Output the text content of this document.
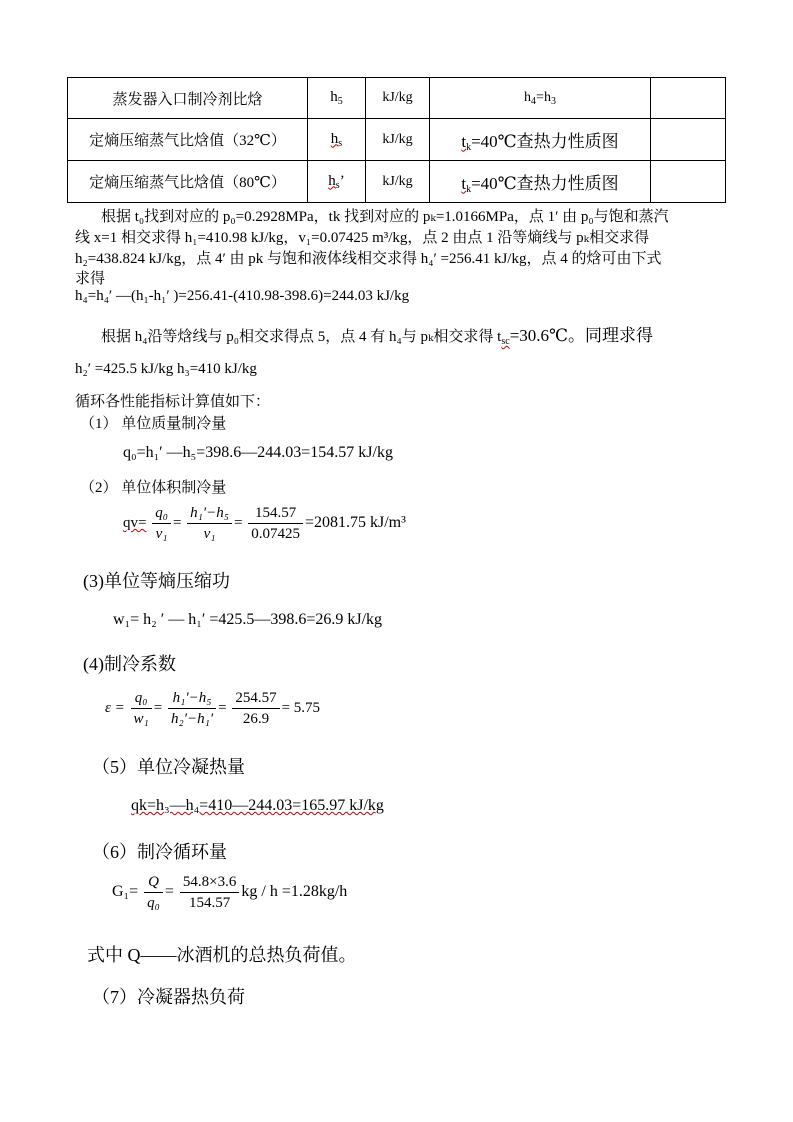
蒸发器入口制冷剂比焓	$h_5$	kJ/kg	$h_4=h_3$	
定熵压缩蒸气比焓值（32℃）	$h_s$	kJ/kg	$t_k=40℃$查热力性质图	
定熵压缩蒸气比焓值（80℃）	$h_s$’	kJ/kg	$t_k=40℃$查热力性质图	
根据 t₀找到对应的 p₀=0.2928MPa，tk 找到对应的 pₖ=1.0166MPa，点 1′ 由 p₀与饱和蒸汽
线 x=1 相交求得 h₁=410.98 kJ/kg，v₁=0.07425 m³/kg，点 2 由点 1 沿等熵线与 pₖ相交求得
h₂=438.824 kJ/kg，点 4′ 由 pk 与饱和液体线相交求得 h₄′ =256.41 kJ/kg，点 4 的焓可由下式
求得
h₄=h₄′ —(h₁-h₁′ )=256.41-(410.98-398.6)=244.03 kJ/kg
根据 h₄沿等焓线与 p₀相交求得点 5，点 4 有 h₄与 pₖ相交求得 $t_{sc}=30.6℃$。同理求得
h₂′ =425.5 kJ/kg h₃=410 kJ/kg
循环各性能指标计算值如下：
（1） 单位质量制冷量
q₀=h₁′ —h₅=398.6—244.03=154.57 kJ/kg
（2） 单位体积制冷量
$qv= \frac{\text{q₀}}{\text{v₁}} = \frac{\text{h₁′−h₅}}{\text{v₁}} = \frac{154.57}{0.07425} =2081.75$ kJ/m³
(3)单位等熵压缩功
w₁= h₂ ′ — h₁′ =425.5—398.6=26.9 kJ/kg
(4)制冷系数
$\varepsilon = \frac{\text{q₀}}{\text{w₁}} = \frac{\text{h₁′−h₅}}{\text{h₂′−h₁′}} = \frac{254.57}{26.9} = 5.75$
（5）单位冷凝热量
qk=h₃—h₄=410—244.03=165.97 kJ/kg
（6）制冷循环量
$G_1= \frac{Q}{\text{q₀}} = \frac{54.8\times 3.6}{154.57}$ kg / h =1.28kg/h
式中 Q——冰酒机的总热负荷值。
（7）冷凝器热负荷
